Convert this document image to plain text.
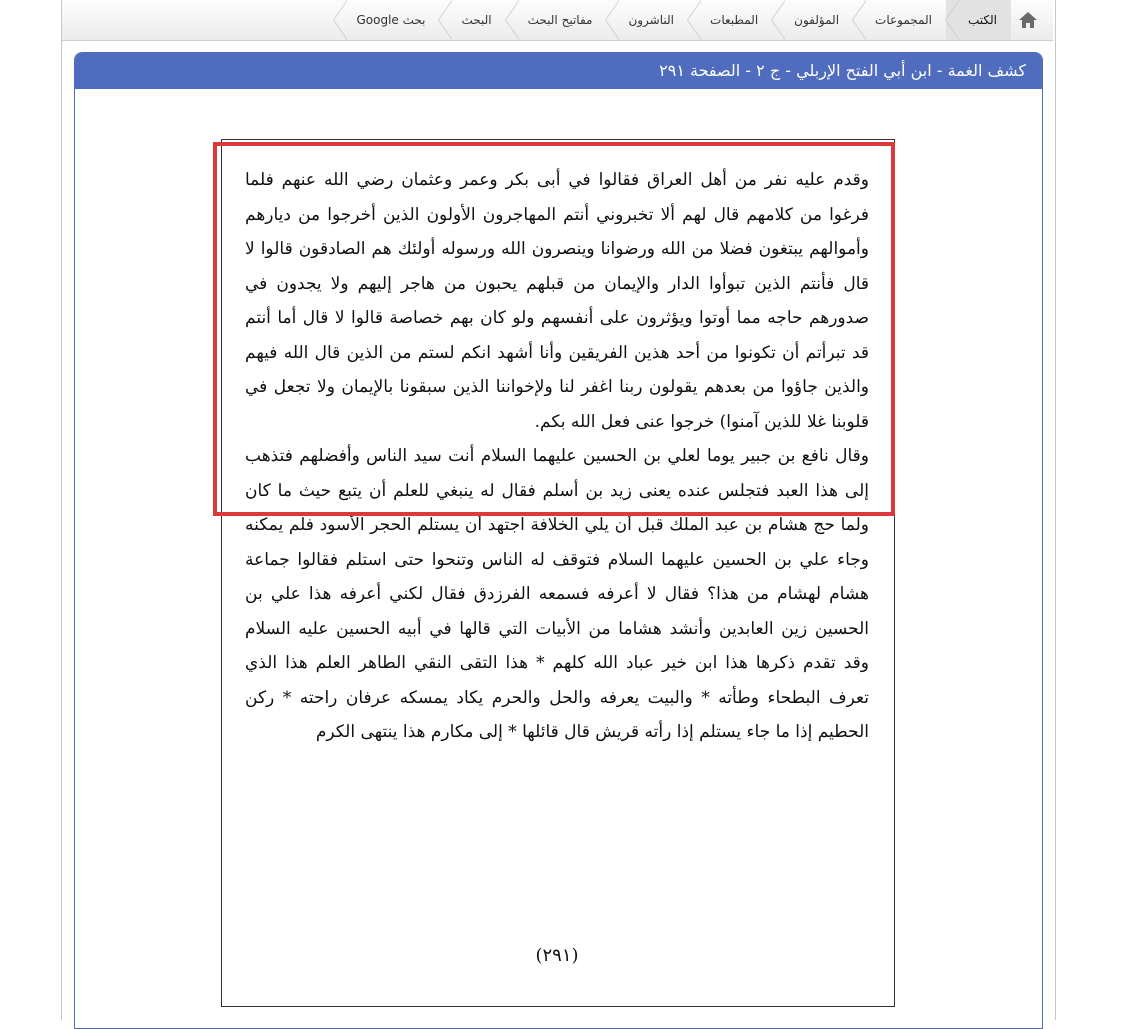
الكتب
المجموعات
المؤلفون
المطبعات
الناشرون
مفاتيح البحث
البحث
بحث Google
كشف الغمة - ابن أبي الفتح الإربلي - ج ٢ - الصفحة ٢٩١

وقدم عليه نفر من أهل العراق فقالوا في أبى بكر وعمر وعثمان رضي الله عنهم فلما فرغوا من كلامهم قال لهم ألا تخبروني أنتم المهاجرون الأولون الذين أخرجوا من ديارهم وأموالهم يبتغون فضلا من الله ورضوانا وينصرون الله ورسوله أولئك هم الصادقون قالوا لا قال فأنتم الذين تبوأوا الدار والإيمان من قبلهم يحبون من هاجر إليهم ولا يجدون في صدورهم حاجه مما أوتوا ويؤثرون على أنفسهم ولو كان بهم خصاصة قالوا لا قال أما أنتم قد تبرأتم أن تكونوا من أحد هذين الفريقين وأنا أشهد انكم لستم من الذين قال الله فيهم والذين جاؤوا من بعدهم يقولون ربنا اغفر لنا ولإخواننا الذين سبقونا بالإيمان ولا تجعل في قلوبنا غلا للذين آمنوا) خرجوا عنى فعل الله بكم.

وقال نافع بن جبير يوما لعلي بن الحسين عليهما السلام أنت سيد الناس وأفضلهم فتذهب إلى هذا العبد فتجلس عنده يعنى زيد بن أسلم فقال له ينبغي للعلم أن يتبع حيث ما كان ولما حج هشام بن عبد الملك قبل أن يلي الخلافة اجتهد أن يستلم الحجر الأسود فلم يمكنه وجاء علي بن الحسين عليهما السلام فتوقف له الناس وتنحوا حتى استلم فقالوا جماعة هشام لهشام من هذا؟ فقال لا أعرفه فسمعه الفرزدق فقال لكني أعرفه هذا علي بن الحسين زين العابدين وأنشد هشاما من الأبيات التي قالها في أبيه الحسين عليه السلام وقد تقدم ذكرها هذا ابن خير عباد الله كلهم * هذا التقى النقي الطاهر العلم هذا الذي تعرف البطحاء وطأته * والبيت يعرفه والحل والحرم يكاد يمسكه عرفان راحته * ركن الحطيم إذا ما جاء يستلم إذا رأته قريش قال قائلها * إلى مكارم هذا ينتهى الكرم

(٢٩١)
